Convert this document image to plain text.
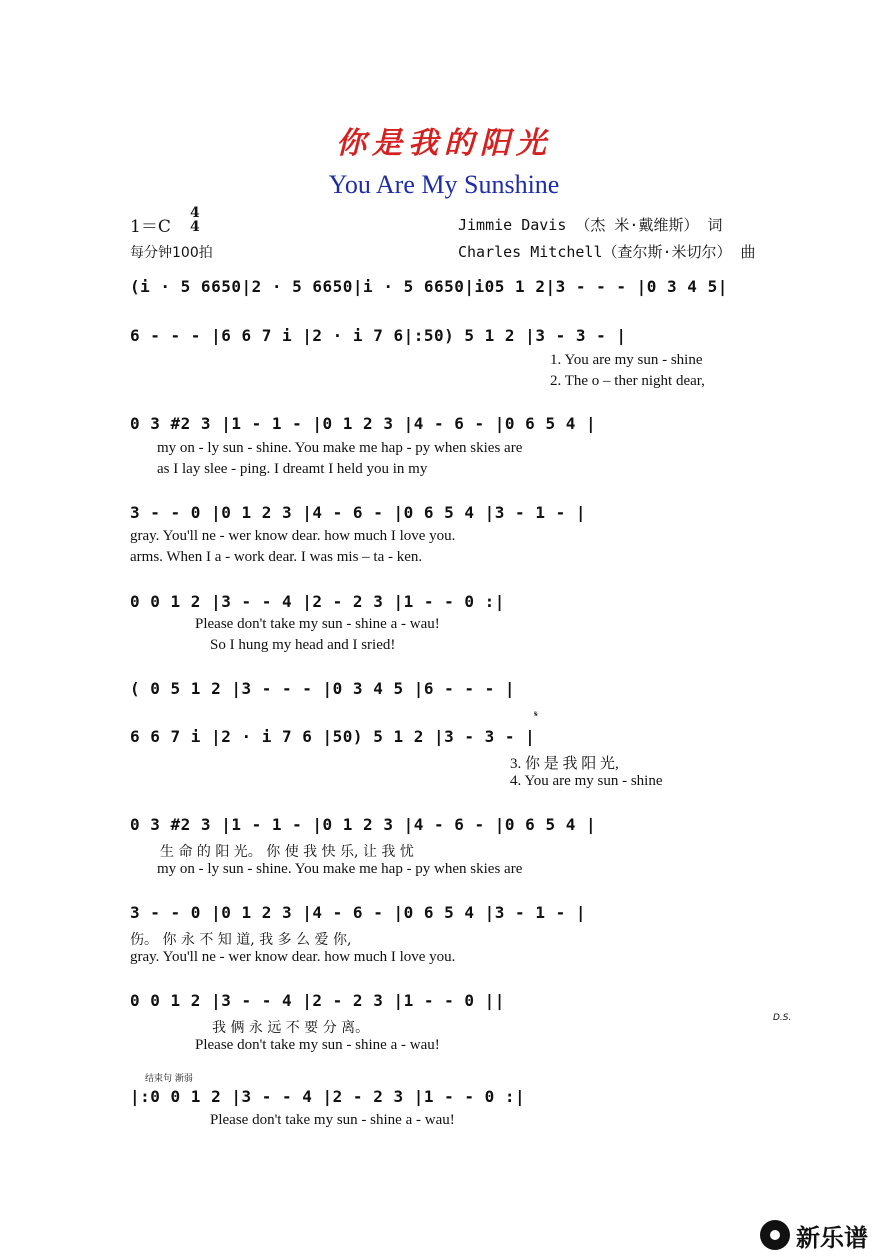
你是我的阳光
You Are My Sunshine
1＝C
4
4
每分钟100拍
Jimmie Davis （杰 米·戴维斯） 词
Charles Mitchell（查尔斯·米切尔） 曲
(i · 5 6650|2 · 5 6650|i · 5 6650|i05 1 2|3 - - - |0 3 4 5|
6 - - - |6 6 7 i |2 · i 7 6|:50) 5 1 2 |3 - 3 - |
1. You are my sun - shine
2. The o – ther night dear,
0 3 #2 3 |1 - 1 - |0 1 2 3 |4 - 6 - |0 6 5 4 |
my on - ly sun - shine. You make me hap - py when skies are
as I lay slee - ping. I dreamt I held you in my
3 - - 0 |0 1 2 3 |4 - 6 - |0 6 5 4 |3 - 1 - |
gray. You'll ne - wer know dear. how much I love you.
arms. When I a - work dear. I was mis – ta - ken.
0 0 1 2 |3 - - 4 |2 - 2 3 |1 - - 0 :|
Please don't take my sun - shine a - wau!
So I hung my head and I sried!
( 0 5 1 2 |3 - - - |0 3 4 5 |6 - - - |
6 6 7 i |2 · i 7 6 |50) 5 1 2 |3 - 3 - |
𝄋
3. 你 是 我 阳 光,
4. You are my sun - shine
0 3 #2 3 |1 - 1 - |0 1 2 3 |4 - 6 - |0 6 5 4 |
生 命 的 阳 光。 你 使 我 快 乐, 让 我 忧
my on - ly sun - shine. You make me hap - py when skies are
3 - - 0 |0 1 2 3 |4 - 6 - |0 6 5 4 |3 - 1 - |
伤。 你 永 不 知 道, 我 多 么 爱 你,
gray. You'll ne - wer know dear. how much I love you.
0 0 1 2 |3 - - 4 |2 - 2 3 |1 - - 0 ||
D.S.
我 俩 永 远 不 要 分 离。
Please don't take my sun - shine a - wau!
结束句 渐弱
|:0 0 1 2 |3 - - 4 |2 - 2 3 |1 - - 0 :|
Please don't take my sun - shine a - wau!
新乐谱
